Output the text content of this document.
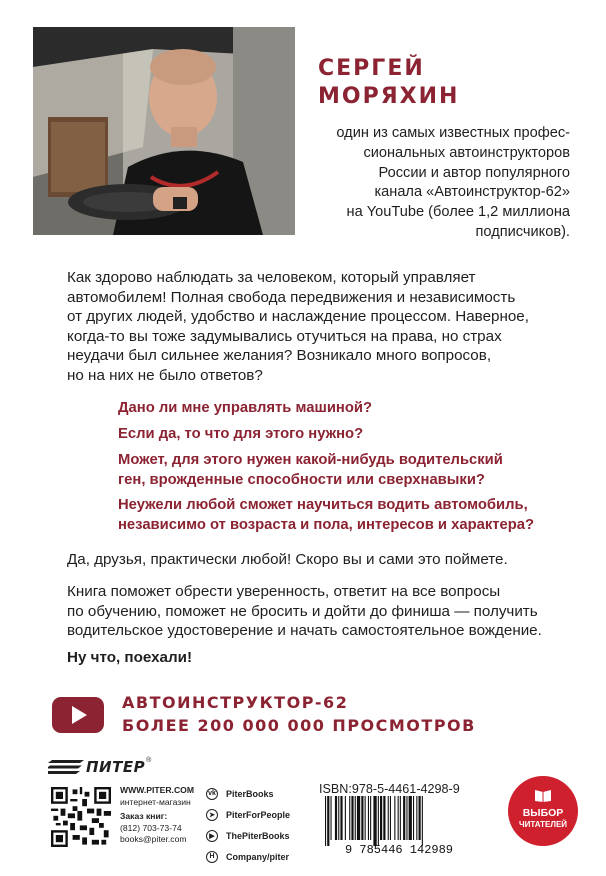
СЕРГЕЙ
МОРЯХИН
один из самых известных профес-
сиональных автоинструкторов
России и автор популярного
канала «Автоинструктор-62»
на YouTube (более 1,2 миллиона
подписчиков).
Как здорово наблюдать за человеком, который управляет
автомобилем! Полная свобода передвижения и независимость
от других людей, удобство и наслаждение процессом. Наверное,
когда-то вы тоже задумывались отучиться на права, но страх
неудачи был сильнее желания? Возникало много вопросов,
но на них не было ответов?
Дано ли мне управлять машиной?
Если да, то что для этого нужно?
Может, для этого нужен какой-нибудь водительский
ген, врожденные способности или сверхнавыки?
Неужели любой сможет научиться водить автомобиль,
независимо от возраста и пола, интересов и характера?
Да, друзья, практически любой! Скоро вы и сами это поймете.
Книга поможет обрести уверенность, ответит на все вопросы
по обучению, поможет не бросить и дойти до финиша — получить
водительское удостоверение и начать самостоятельное вождение.
Ну что, поехали!
АВТОИНСТРУКТОР-62
БОЛЕЕ 200 000 000 ПРОСМОТРОВ
ПИТЕР ®
WWW.PITER.COM
интернет-магазин
Заказ книг:
(812) 703-73-74
books@piter.com
vk PiterBooks
➤	PiterForPeople
▶	ThePiterBooks
H	Company/piter
ISBN:978-5-4461-4298-9
9 785446 142989
ВЫБОР
ЧИТАТЕЛЕЙ
